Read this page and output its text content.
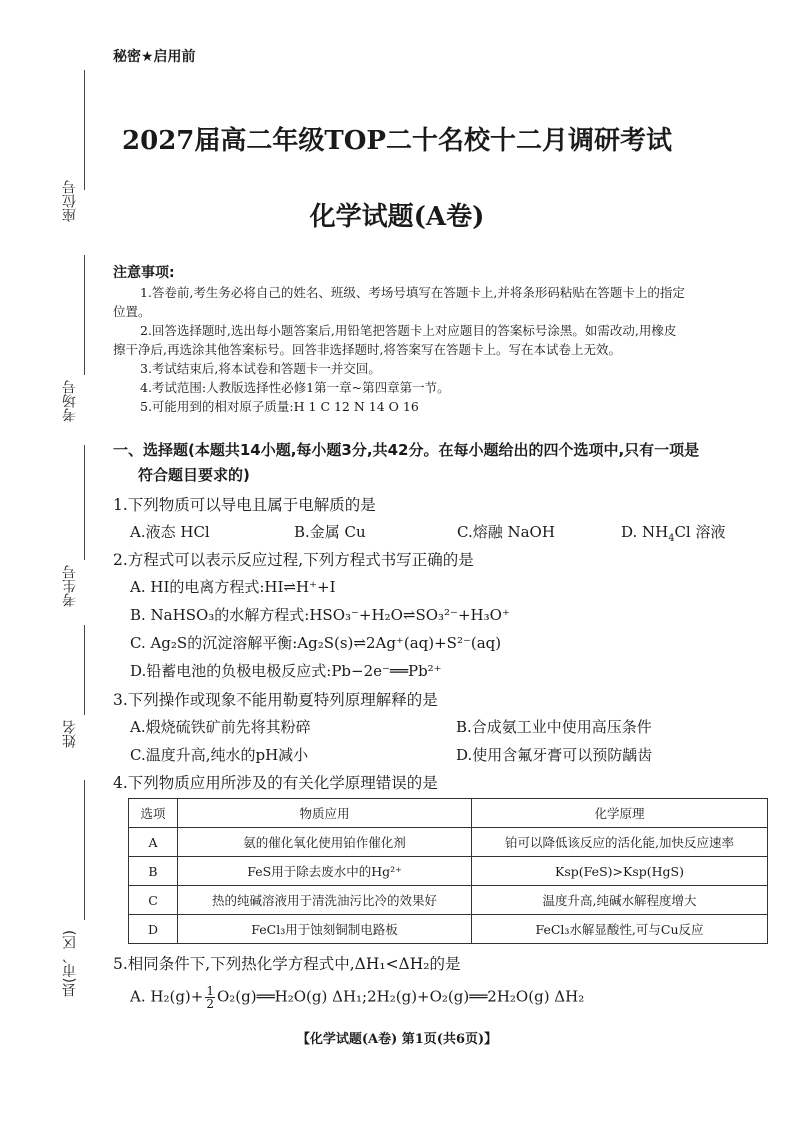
秘密★启用前
座位号
考场号
考生号
姓名
县(市、区)
2027届高二年级TOP二十名校十二月调研考试
化学试题(A卷)
注意事项:
1.答卷前,考生务必将自己的姓名、班级、考场号填写在答题卡上,并将条形码粘贴在答题卡上的指定
位置。
2.回答选择题时,选出每小题答案后,用铅笔把答题卡上对应题目的答案标号涂黑。如需改动,用橡皮
擦干净后,再选涂其他答案标号。回答非选择题时,将答案写在答题卡上。写在本试卷上无效。
3.考试结束后,将本试卷和答题卡一并交回。
4.考试范围:人教版选择性必修1第一章~第四章第一节。
5.可能用到的相对原子质量:H 1 C 12 N 14 O 16
一、选择题(本题共14小题,每小题3分,共42分。在每小题给出的四个选项中,只有一项是
符合题目要求的)
1.下列物质可以导电且属于电解质的是
A.液态 HCl	B.金属 Cu	C.熔融 NaOH	D. $NH_4Cl$ 溶液
2.方程式可以表示反应过程,下列方程式书写正确的是
A. HI的电离方程式:HI⇌H⁺+I
B. NaHSO₃的水解方程式:HSO₃⁻+H₂O⇌SO₃²⁻+H₃O⁺
C. Ag₂S的沉淀溶解平衡:Ag₂S(s)⇌2Ag⁺(aq)+S²⁻(aq)
D.铅蓄电池的负极电极反应式:Pb−2e⁻══Pb²⁺
3.下列操作或现象不能用勒夏特列原理解释的是
A.煅烧硫铁矿前先将其粉碎	B.合成氨工业中使用高压条件
C.温度升高,纯水的pH减小	D.使用含氟牙膏可以预防龋齿
4.下列物质应用所涉及的有关化学原理错误的是
选项	物质应用	化学原理
A	氨的催化氧化使用铂作催化剂	铂可以降低该反应的活化能,加快反应速率
B	FeS用于除去废水中的Hg²⁺	Ksp(FeS)>Ksp(HgS)
C	热的纯碱溶液用于清洗油污比冷的效果好	温度升高,纯碱水解程度增大
D	FeCl₃用于蚀刻铜制电路板	FeCl₃水解显酸性,可与Cu反应
5.相同条件下,下列热化学方程式中,ΔH₁<ΔH₂的是
A. $H_2(g)+ \frac{1}{2}$ O₂(g)══H₂O(g) ΔH₁;2H₂(g)+O₂(g)══2H₂O(g) ΔH₂
【化学试题(A卷) 第1页(共6页)】
